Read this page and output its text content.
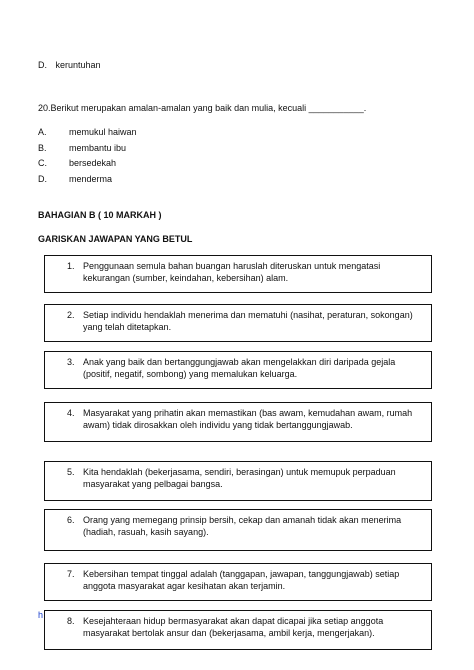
D. keruntuhan
20.Berikut merupakan amalan-amalan yang baik dan mulia, kecuali ___________.
A. memukul haiwan
B. membantu ibu
C. bersedekah
D. menderma
BAHAGIAN B ( 10 MARKAH )
GARISKAN JAWAPAN YANG BETUL
1. Penggunaan semula bahan buangan haruslah diteruskan untuk mengatasi kekurangan (sumber, keindahan, kebersihan) alam.
2. Setiap individu hendaklah menerima dan mematuhi (nasihat, peraturan, sokongan) yang telah ditetapkan.
3. Anak yang baik dan bertanggungjawab akan mengelakkan diri daripada gejala (positif, negatif, sombong) yang memalukan keluarga.
4. Masyarakat yang prihatin akan memastikan (bas awam, kemudahan awam, rumah awam) tidak dirosakkan oleh individu yang tidak bertanggungjawab.
5. Kita hendaklah (bekerjasama, sendiri, berasingan) untuk memupuk perpaduan masyarakat yang pelbagai bangsa.
6. Orang yang memegang prinsip bersih, cekap dan amanah tidak akan menerima (hadiah, rasuah, kasih sayang).
7. Kebersihan tempat tinggal adalah (tanggapan, jawapan, tanggungjawab) setiap anggota masyarakat agar kesihatan akan terjamin.
8. Kesejahteraan hidup bermasyarakat akan dapat dicapai jika setiap anggota masyarakat bertolak ansur dan (bekerjasama, ambil kerja, mengerjakan).
h
